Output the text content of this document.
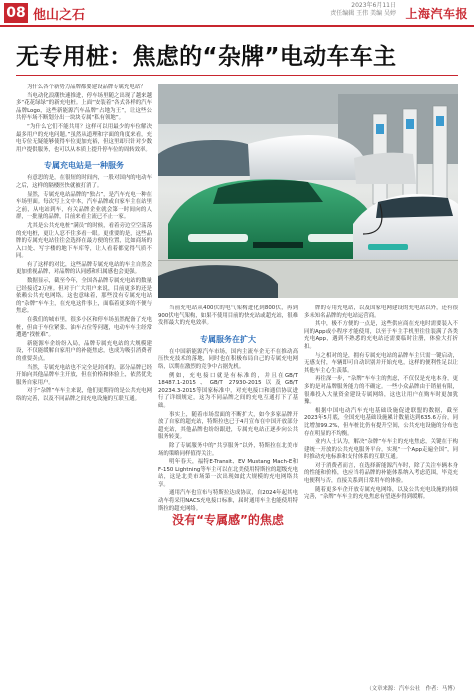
08 他山之石
2023年6月11日
责任编辑 王伟 美编 吴婷 上海汽车报
无专用桩：焦虑的“杂牌”电动车车主

为什么各个新势力品牌都要建设品牌专属充电站？

当电动化浪潮快速推进，停车场里随之出现了越来越多“花花绿绿”的新充电桩。上面“安装着”各式各样的汽车品牌Logo，这些新能源汽车品牌“占地为王”，让这些公共停车场不断划分出一块块专属“私有领地”。

“为什么它们不能共用？这样可以用最少的车位解决最多用户的充电问题。”虽然从道理和字面的角度来看，充电专位无疑能够使得车位更加充裕，但这里却只针对少数用户提供服务，也可以从本质上提升停车位的周转效率。

专属充电站是一种服务

有意思的是，在很短的时间内，一股对国内的电动车之后，这样的隔楼医快就被打消了。

显然，专属充电站品牌的“独占”，是汽车充电一种在车场里面。每次写上文中本，汽车品牌或自家车主在站里之前，从电站到车，有关品牌企业就会第一时间向的人群，一批量的品牌，目前来看主流已不止一家。

尤其是公共充电桩“满员”的时候，看着旁边空空荡荡的充电桩，更让人忍不住多看一眼。更重要的是，这些品牌的专属充电站往往会选择在最方便的位置，比如商场的入口处、写字楼的地下车库等，让人看着都觉得气质不同。

有了这样的对比，这些品牌专属充电站的车主自然会更加重视品牌，对品牌的认同感和归属感也会更强。

数据显示，截至今年，全国各品牌专属充电站的数量已经接近2万座。但对于广大用户来说，目前更多的还是依赖公共充电网络。这也意味着，那些没有专属充电站的“杂牌”车车主，在充电这件事上，面临着更多的不便与焦虑。

在我们的城市里，很多小区和停车场虽然配备了充电桩，但由于车位紧张、油车占位等问题，电动车车主经常遭遇“找桩难”。

新能源车企纷纷入局，品牌专属充电站的大规模建设，不仅能缓解自家用户的补能焦虑，也成为吸引消费者的重要卖点。

当然，专属充电站也不完全是封闭的。部分品牌已经开始向其他品牌车主开放，但在价格和体验上，依然优先服务自家用户。

对于“杂牌”车车主来说，他们更期待的是公共充电网络的完善，以及不同品牌之间充电设施的互联互通。

当前充电站从400伏的电气架构进化到800伏，再到900伏电气架构，如果不使用目前的快充站或超充站，很难发挥最大的充电效率。

专属服务在扩大

在中国新能源汽车市场，国内主流车企无不在推动高压快充技术的落地，同时也在积极布局自己的专属充电网络，以期在激烈的竞争中占据先机。

例如，充电接口就是有标准的，并且在GB/T 18487.1-2015、GB/T 27930-2015以及GB/T 20234.3-2015等国家标准中，对充电接口和通信协议进行了详细规定，这为不同品牌之间的充电互通打下了基础。

事实上，随着市场盘面的不断扩大，如今多家品牌开放了自家的超充站，特斯拉也已于4月宣布在中国开放部分超充站，其他品牌也纷纷跟进，专属充电站正逐步向公共服务转变。

除了专属服务中的“共享服务”以外，特斯拉在北美市场的策略同样值得关注。

明年春天，福特E-Transit、EV Mustang Mach-E和F-150 Lightning等车主可以在北美使用特斯拉的超级充电站，这是北美市场第一次出现如此大规模的充电网络共享。

通用汽车也宣布与特斯拉达成协议，自2024年起其电动车将采用NACS充电接口标准，届时通用车主也能使用特斯拉的超充网络。

没有“专属感”的焦虑

牌的专用充电站，以及国家电网建设的充电站以外，还有很多未知名品牌的充电站运营商。

其中，极不方便的一点是，这些供应商在充电时需要装入不同的App或小程序才能使用，以至于车主手机里往往装满了各类充电App，遇到不熟悉的充电站还需要临时注册，体验大打折扣。

与之相对的是，拥有专属充电站的品牌车主只需一键启动，无感支付，车辆即可自动识别并开始充电，这样的便利性足以让其他车主心生羡慕。

再往深一步，“杂牌”车车主的焦虑，不仅仅是充电本身，更多的是对品牌服务能力的不确定。一些小众品牌由于销量有限，很难投入大量资金建设专属网络，这也让用户在购车时更加犹豫。

根据中国电动汽车充电基础设施促进联盟的数据，截至2023年5月底，全国充电基础设施累计数量达到635.6万台，同比增加99.2%，但车桩比仍有提升空间，公共充电设施的分布也存在明显的不均衡。

业内人士认为，解决“杂牌”车车主的充电焦虑，关键在于构建统一开放的公共充电服务平台，实现“一个App走遍全国”，同时推动充电标准和支付体系的互联互通。

对于消费者而言，在选择新能源汽车时，除了关注车辆本身的性能和价格，也应当将品牌的补能体系纳入考虑范围，毕竟充电便利与否，直接关系到日常用车的体验。

随着更多车企开放专属充电网络，以及公共充电设施的持续完善，“杂牌”车车主的充电焦虑有望逐步得到缓解。

（文章来源：汽车公社　作者：马博）
